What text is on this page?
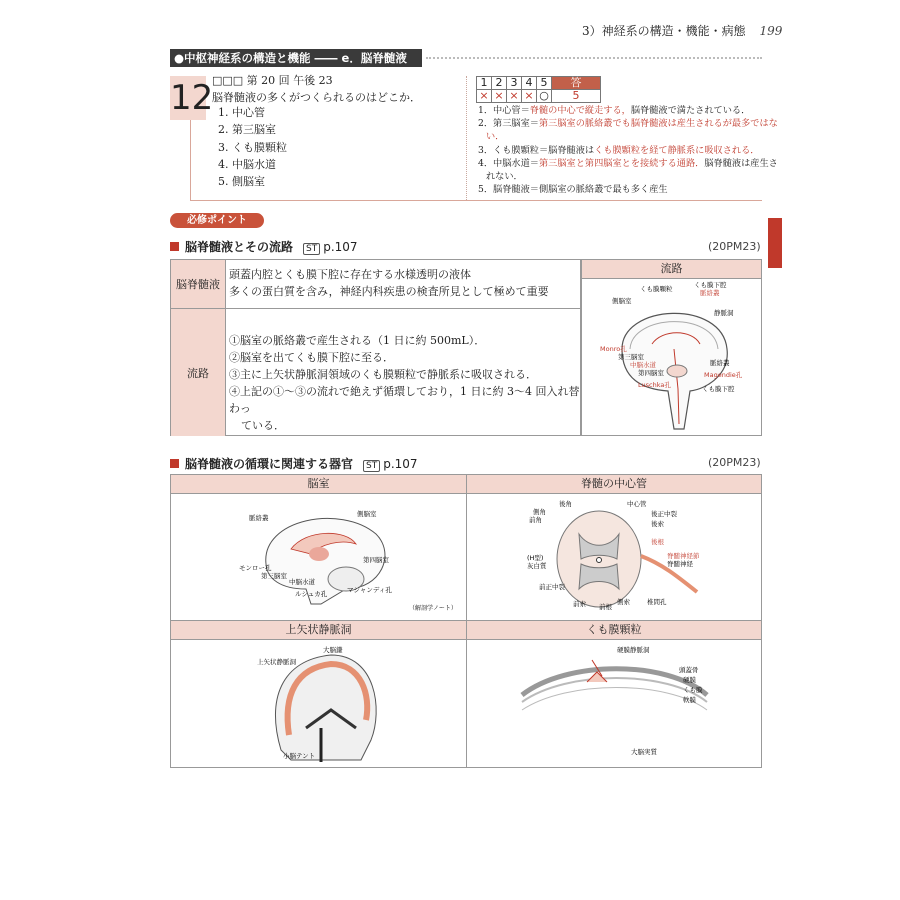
3）神経系の構造・機能・病態 199
●中枢神経系の構造と機能 ―― e．脳脊髄液
12
□□□ 第 20 回 午後 23
脳脊髄液の多くがつくられるのはどこか．
1. 中心管
2. 第三脳室
3. くも膜顆粒
4. 中脳水道
5. 側脳室
1	2	3	4	5	答
×	×	×	×	○	5
1．中心管＝脊髄の中心で縦走する，脳脊髄液で満たされている．
2．第三脳室＝第三脳室の脈絡叢でも脳脊髄液は産生されるが最多ではな
い．
3．くも膜顆粒＝脳脊髄液はくも膜顆粒を経て静脈系に吸収される．
4．中脳水道＝第三脳室と第四脳室とを接続する通路．脳脊髄液は産生さ
れない．
5．脳脊髄液＝側脳室の脈絡叢で最も多く産生
必修ポイント
脳脊髄液とその流路 ST p.107	(20PM23)
脳脊髄液
頭蓋内腔とくも膜下腔に存在する水様透明の液体
多くの蛋白質を含み，神経内科疾患の検査所見として極めて重要
流路
①脳室の脈絡叢で産生される（1 日に約 500mL）．
②脳室を出てくも膜下腔に至る．
③主に上矢状静脈洞領域のくも膜顆粒で静脈系に吸収される．
④上記の①～③の流れで絶えず循環しており，1 日に約 3～4 回入れ替わっ
ている．
流路
くも膜顆粒	くも膜下腔
脈絡叢
側脳室
静脈洞
Monro孔
第三脳室
中脳水道
第四脳室
Luschka孔
脈絡叢
Magendie孔
くも膜下腔
脳脊髄液の循環に関連する器官 ST p.107	(20PM23)
脳室
脈絡叢	側脳室
第四脳室
モンロー孔
第三脳室
中脳水道
ルシュカ孔	マジャンディ孔
（解剖学ノート）
脊髄の中心管
後角
側角
前角
中心管
後正中裂
後索
後根
脊髄神経節
脊髄神経
(H型)
灰白質
前正中裂
前索 前根
側索	椎間孔
上矢状静脈洞
大脳鎌
上矢状静脈洞
小脳テント
くも膜顆粒
硬膜静脈洞
頭蓋骨
硬膜
くも膜
軟膜
大脳実質
